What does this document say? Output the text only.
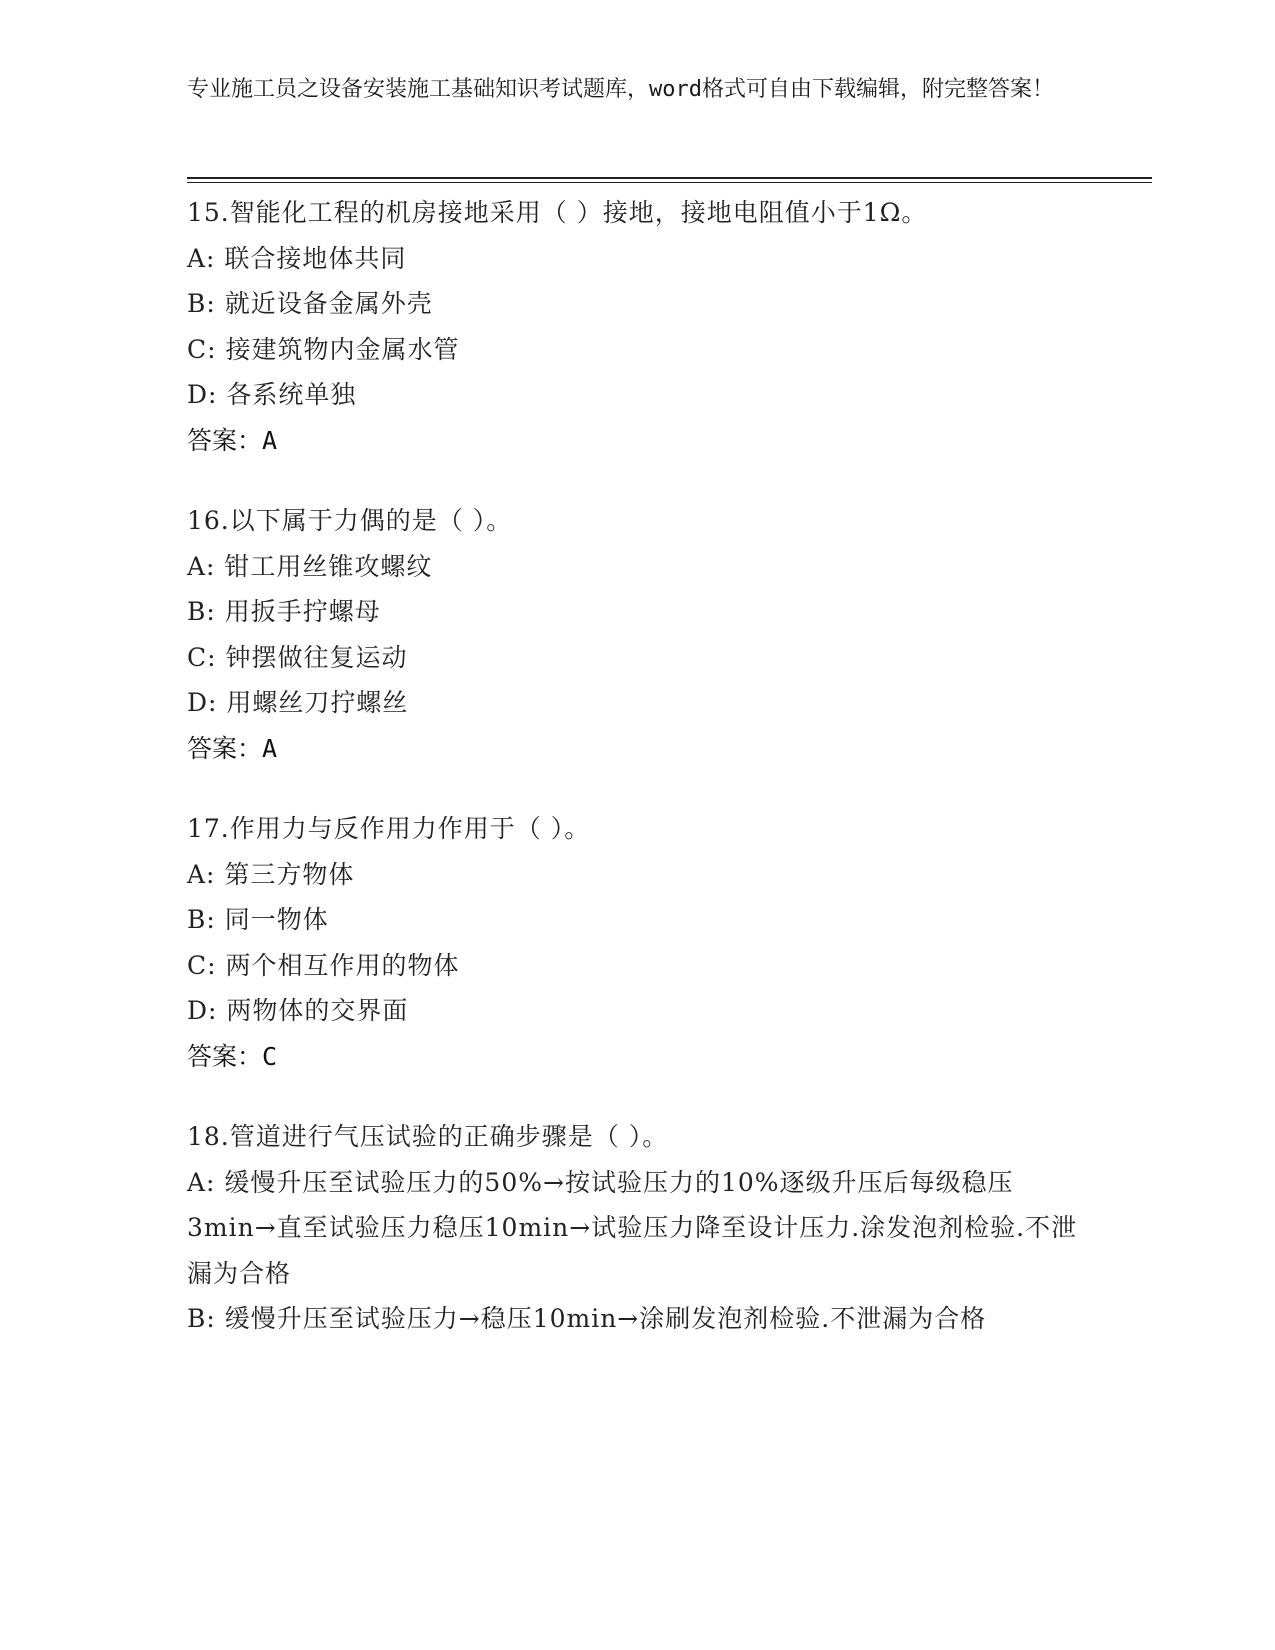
专业施工员之设备安装施工基础知识考试题库，word格式可自由下载编辑，附完整答案！
15.智能化工程的机房接地采用（ ）接地，接地电阻值小于1Ω。
A: 联合接地体共同
B: 就近设备金属外壳
C: 接建筑物内金属水管
D: 各系统单独
答案：A
16.以下属于力偶的是（ ）。
A: 钳工用丝锥攻螺纹
B: 用扳手拧螺母
C: 钟摆做往复运动
D: 用螺丝刀拧螺丝
答案：A
17.作用力与反作用力作用于（ ）。
A: 第三方物体
B: 同一物体
C: 两个相互作用的物体
D: 两物体的交界面
答案：C
18.管道进行气压试验的正确步骤是（ ）。
A: 缓慢升压至试验压力的50%→按试验压力的10%逐级升压后每级稳压3min→直至试验压力稳压10min→试验压力降至设计压力.涂发泡剂检验.不泄漏为合格
B: 缓慢升压至试验压力→稳压10min→涂刷发泡剂检验.不泄漏为合格
